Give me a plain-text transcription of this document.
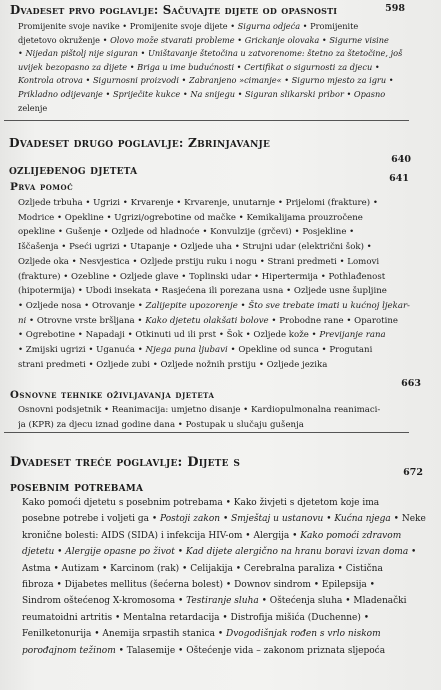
Dvadeset prvo poglavlje: Sačuvajte dijete od opasnosti	598
Promijenite svoje navike • Promijenite svoje dijete • Sigurna odjeća • Promijenite
djetetovo okruženje • Olovo može stvarati probleme • Grickanje olovaka • Sigurne visine
• Nijedan pištolj nije siguran • Uništavanje štetočina u zatvorenome: štetno za štetočine, još
uvijek bezopasno za dijete • Briga u ime budućnosti • Certifikat o sigurnosti za djecu •
Kontrola otrova • Sigurnosni proizvodi • Zabranjeno »cimanje« • Sigurno mjesto za igru •
Prikladno odijevanje • Spriječite kukce • Na snijegu • Siguran slikarski pribor • Opasno
zelenje
Dvadeset drugo poglavlje: Zbrinjavanje
640
ozlijeđenog djeteta
641
Prva pomoć
Ozljede trbuha • Ugrizi • Krvarenje • Krvarenje, unutarnje • Prijelomi (frakture) •
Modrice • Opekline • Ugrizi/ogrebotine od mačke • Kemikalijama prouzročene
opekline • Gušenje • Ozljede od hladnoće • Konvulzije (grčevi) • Posjekline •
Iščašenja • Pseći ugrizi • Utapanje • Ozljede uha • Strujni udar (električni šok) •
Ozljede oka • Nesvjestica • Ozljede prstiju ruku i nogu • Strani predmeti • Lomovi
(frakture) • Ozebline • Ozljede glave • Toplinski udar • Hipertermija • Pothlađenost
(hipotermija) • Ubodi insekata • Rasjećena ili porezana usna • Ozljede usne šupljine
• Ozljede nosa • Otrovanje • Zalijepite upozorenje • Što sve trebate imati u kućnoj ljekar-
ni • Otrovne vrste bršljana • Kako djetetu olakšati bolove • Probodne rane • Oparotine
• Ogrebotine • Napadaji • Otkinuti ud ili prst • Šok • Ozljede kože • Previjanje rana
• Zmijski ugrizi • Uganuća • Njega puna ljubavi • Opekline od sunca • Progutani
strani predmeti • Ozljede zubi • Ozljede nožnih prstiju • Ozljede jezika
Osnovne tehnike oživljavanja djeteta
663
Osnovni podsjetnik • Reanimacija: umjetno disanje • Kardiopulmonalna reanimaci-
ja (KPR) za djecu iznad godine dana • Postupak u slučaju gušenja
Dvadeset treće poglavlje: Dijete s
posebnim potrebama
672
Kako pomoći djetetu s posebnim potrebama • Kako živjeti s djetetom koje ima
posebne potrebe i voljeti ga • Postoji zakon • Smještaj u ustanovu • Kućna njega • Neke
kronične bolesti: AIDS (SIDA) i infekcija HIV-om • Alergija • Kako pomoći zdravom
djetetu • Alergije opasne po život • Kad dijete alergično na hranu boravi izvan doma •
Astma • Autizam • Karcinom (rak) • Celijakija • Cerebralna paraliza • Cistična
fibroza • Dijabetes mellitus (šećerna bolest) • Downov sindrom • Epilepsija •
Sindrom oštećenog X-kromosoma • Testiranje sluha • Oštećenja sluha • Mladenački
reumatoidni artritis • Mentalna retardacija • Distrofija mišića (Duchenne) •
Fenilketonurija • Anemija srpastih stanica • Dvogodišnjak rođen s vrlo niskom
porođajnom težinom • Talasemije • Oštećenje vida – zakonom priznata sljepoća
